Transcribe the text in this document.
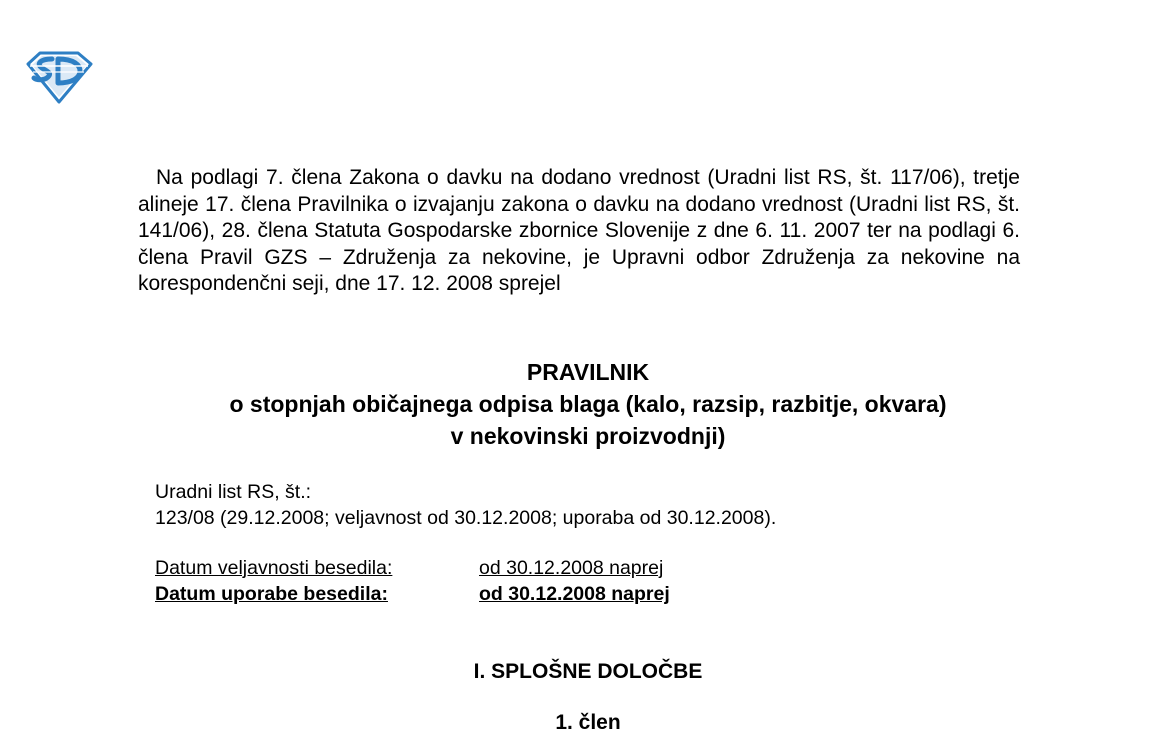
Na podlagi 7. člena Zakona o davku na dodano vrednost (Uradni list RS, št. 117/06), tretje alineje 17. člena Pravilnika o izvajanju zakona o davku na dodano vrednost (Uradni list RS, št. 141/06), 28. člena Statuta Gospodarske zbornice Slovenije z dne 6. 11. 2007 ter na podlagi 6. člena Pravil GZS – Združenja za nekovine, je Upravni odbor Združenja za nekovine na korespondenčni seji, dne 17. 12. 2008 sprejel

PRAVILNIK
o stopnjah običajnega odpisa blaga (kalo, razsip, razbitje, okvara)
v nekovinski proizvodnji)
Uradni list RS, št.:
123/08 (29.12.2008; veljavnost od 30.12.2008; uporaba od 30.12.2008).
Datum veljavnosti besedila:	od 30.12.2008 naprej
Datum uporabe besedila:	od 30.12.2008 naprej
I. SPLOŠNE DOLOČBE
1. člen
